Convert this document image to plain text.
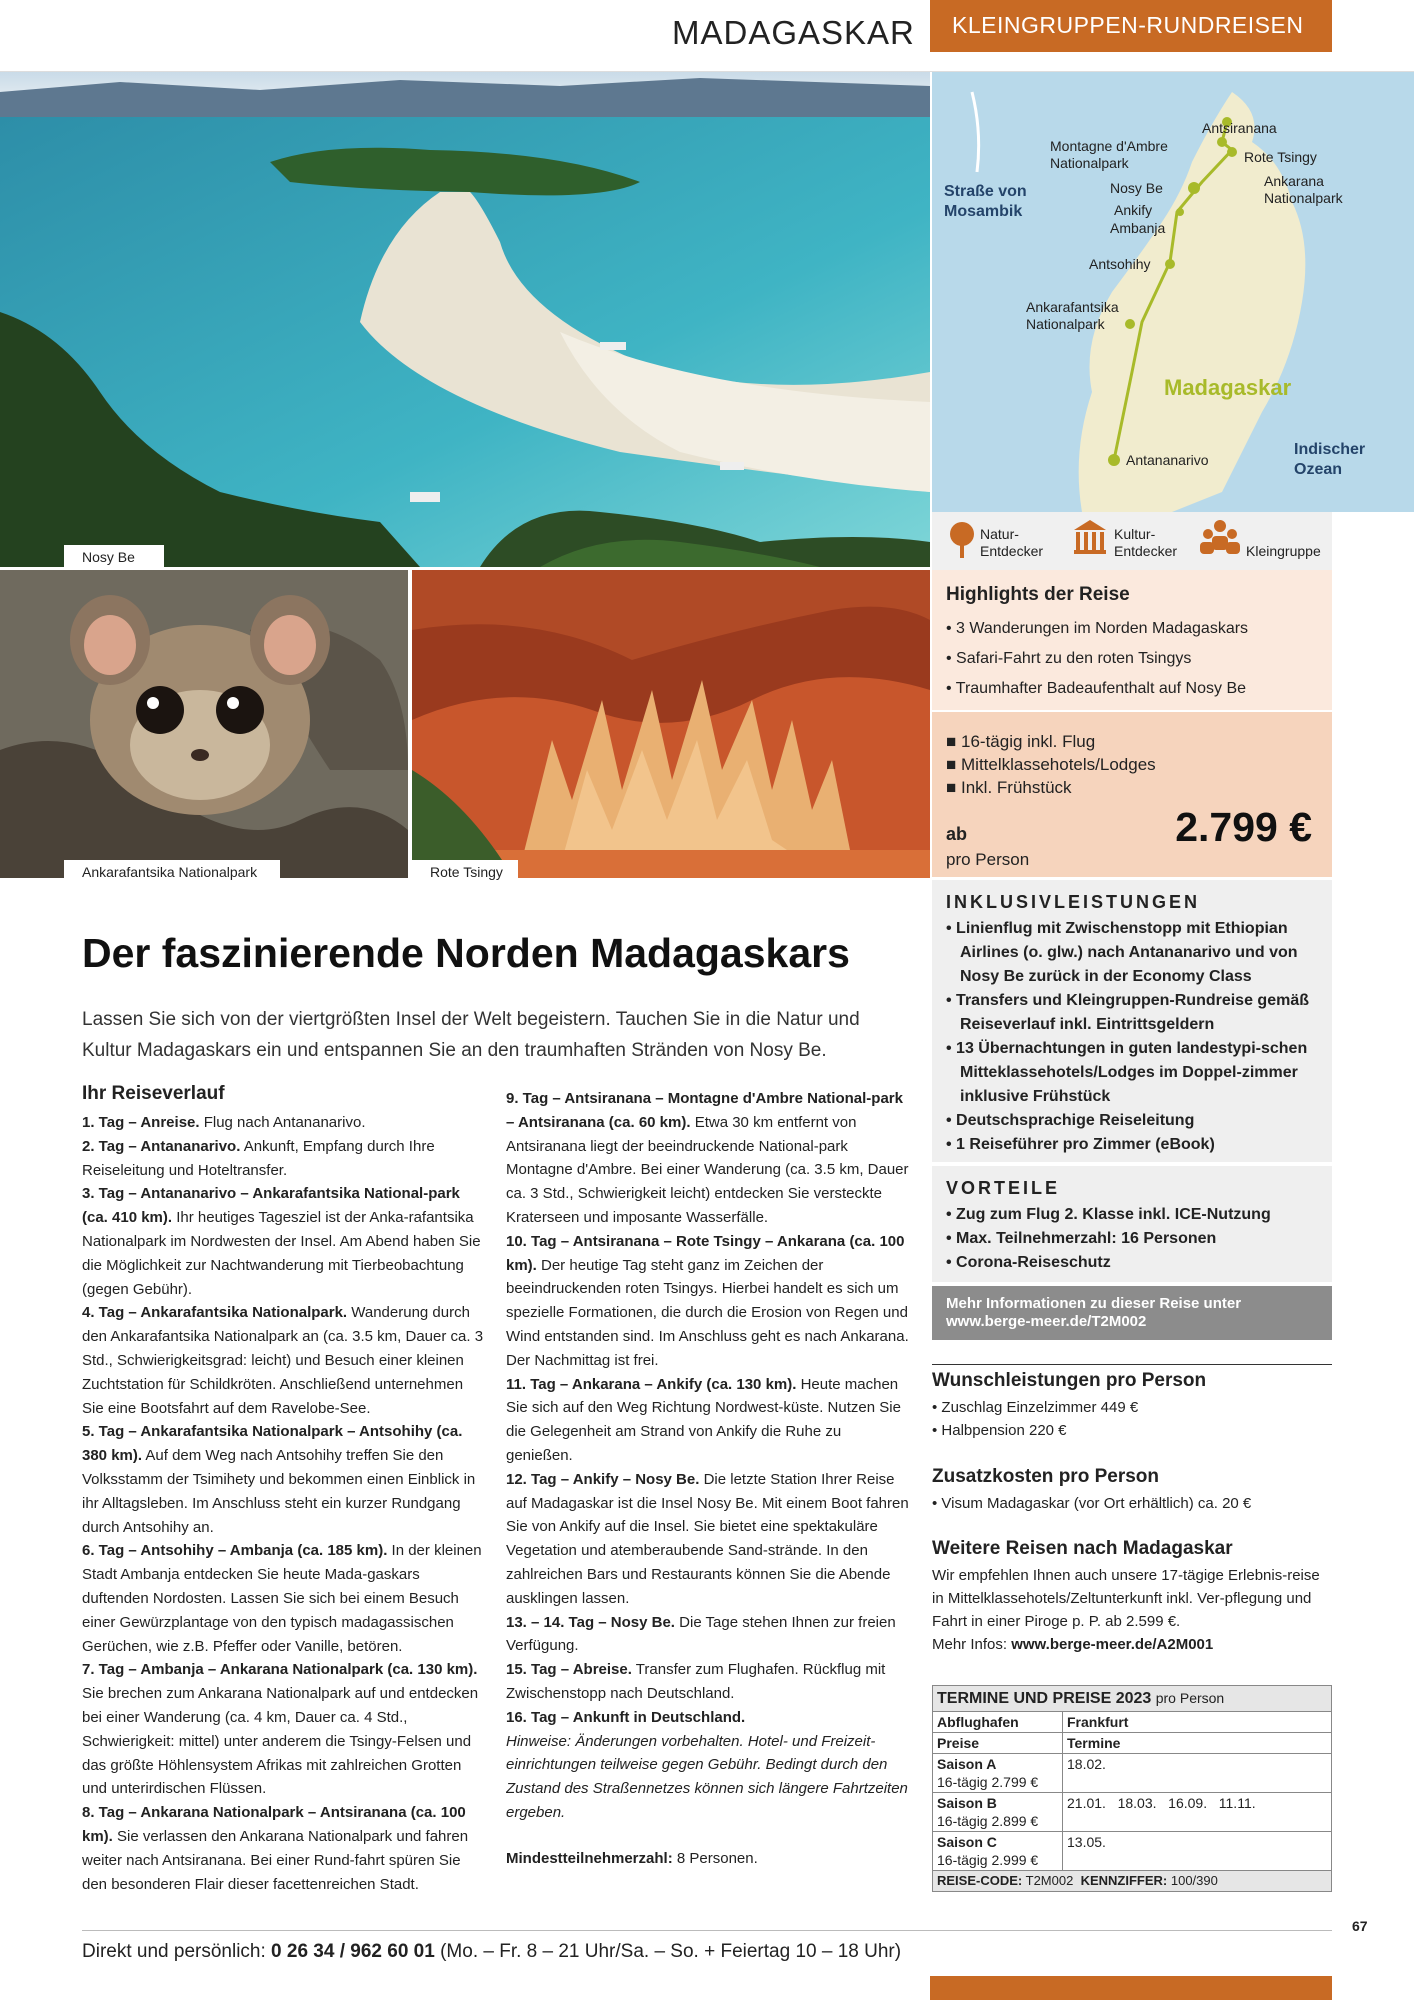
MADAGASKAR	KLEINGRUPPEN-RUNDREISEN
Nosy Be
Ankarafantsika Nationalpark	Rote Tsingy
Straße von
Mosambik
Indischer
Ozean
Madagaskar
Antsiranana
Montagne d'Ambre
Nationalpark	Rote Tsingy
Nosy Be	Ankarana
Nationalpark
Ankify
Ambanja
Antsohihy
Ankarafantsika
Nationalpark
Antananarivo
Natur-
Entdecker
Kultur-
Entdecker	Kleingruppe
Highlights der Reise
• 3 Wanderungen im Norden Madagaskars
• Safari-Fahrt zu den roten Tsingys
• Traumhafter Badeaufenthalt auf Nosy Be
■ 16-tägig inkl. Flug
■ Mittelklassehotels/Lodges
■ Inkl. Frühstück
ab
pro Person
2.799 €
INKLUSIVLEISTUNGEN
• Linienflug mit Zwischenstopp mit Ethiopian Airlines (o. glw.) nach Antananarivo und von Nosy Be zurück in der Economy Class
• Transfers und Kleingruppen-Rundreise gemäß Reiseverlauf inkl. Eintrittsgeldern
• 13 Übernachtungen in guten landestypi-schen Mitteklassehotels/Lodges im Doppel-zimmer inklusive Frühstück
• Deutschsprachige Reiseleitung
• 1 Reiseführer pro Zimmer (eBook)
VORTEILE
• Zug zum Flug 2. Klasse inkl. ICE-Nutzung
• Max. Teilnehmerzahl: 16 Personen
• Corona-Reiseschutz
Mehr Informationen zu dieser Reise unter
www.berge-meer.de/T2M002
Wunschleistungen pro Person
• Zuschlag Einzelzimmer 449 €
• Halbpension 220 €
Zusatzkosten pro Person
• Visum Madagaskar (vor Ort erhältlich) ca. 20 €
Weitere Reisen nach Madagaskar

Wir empfehlen Ihnen auch unsere 17-tägige Erlebnis-reise in Mittelklassehotels/Zeltunterkunft inkl. Ver-pflegung und Fahrt in einer Piroge p. P. ab 2.599 €.

Mehr Infos: www.berge-meer.de/A2M001

TERMINE UND PREISE 2023 pro Person	
Abflughafen	Frankfurt
Preise	Termine
Saison A
16-tägig 2.799 €	18.02.
Saison B
16-tägig 2.899 €	21.01.   18.03.   16.09.   11.11.
Saison C
16-tägig 2.999 €	13.05.
REISE-CODE: T2M002 KENNZIFFER: 100/390	
Der faszinierende Norden Madagaskars
Lassen Sie sich von der viertgrößten Insel der Welt begeistern. Tauchen Sie in die Natur und Kultur Madagaskars ein und entspannen Sie an den traumhaften Stränden von Nosy Be.
Ihr Reiseverlauf

1. Tag – Anreise. Flug nach Antananarivo.

2. Tag – Antananarivo. Ankunft, Empfang durch Ihre Reiseleitung und Hoteltransfer.

3. Tag – Antananarivo – Ankarafantsika National-park (ca. 410 km). Ihr heutiges Tagesziel ist der Anka-rafantsika Nationalpark im Nordwesten der Insel. Am Abend haben Sie die Möglichkeit zur Nachtwanderung mit Tierbeobachtung (gegen Gebühr).

4. Tag – Ankarafantsika Nationalpark. Wanderung durch den Ankarafantsika Nationalpark an (ca. 3.5 km, Dauer ca. 3 Std., Schwierigkeitsgrad: leicht) und Besuch einer kleinen Zuchtstation für Schildkröten. Anschließend unternehmen Sie eine Bootsfahrt auf dem Ravelobe-See.

5. Tag – Ankarafantsika Nationalpark – Antsohihy (ca. 380 km). Auf dem Weg nach Antsohihy treffen Sie den Volksstamm der Tsimihety und bekommen einen Einblick in ihr Alltagsleben. Im Anschluss steht ein kurzer Rundgang durch Antsohihy an.

6. Tag – Antsohihy – Ambanja (ca. 185 km). In der kleinen Stadt Ambanja entdecken Sie heute Mada-gaskars duftenden Nordosten. Lassen Sie sich bei einem Besuch einer Gewürzplantage von den typisch madagassischen Gerüchen, wie z.B. Pfeffer oder Vanille, betören.

7. Tag – Ambanja – Ankarana Nationalpark (ca. 130 km). Sie brechen zum Ankarana Nationalpark auf und entdecken bei einer Wanderung (ca. 4 km, Dauer ca. 4 Std., Schwierigkeit: mittel) unter anderem die Tsingy-Felsen und das größte Höhlensystem Afrikas mit zahlreichen Grotten und unterirdischen Flüssen.

8. Tag – Ankarana Nationalpark – Antsiranana (ca. 100 km). Sie verlassen den Ankarana Nationalpark und fahren weiter nach Antsiranana. Bei einer Rund-fahrt spüren Sie den besonderen Flair dieser facettenreichen Stadt.

9. Tag – Antsiranana – Montagne d'Ambre National-park – Antsiranana (ca. 60 km). Etwa 30 km entfernt von Antsiranana liegt der beeindruckende National-park Montagne d'Ambre. Bei einer Wanderung (ca. 3.5 km, Dauer ca. 3 Std., Schwierigkeit leicht) entdecken Sie versteckte Kraterseen und imposante Wasserfälle.

10. Tag – Antsiranana – Rote Tsingy – Ankarana (ca. 100 km). Der heutige Tag steht ganz im Zeichen der beeindruckenden roten Tsingys. Hierbei handelt es sich um spezielle Formationen, die durch die Erosion von Regen und Wind entstanden sind. Im Anschluss geht es nach Ankarana. Der Nachmittag ist frei.

11. Tag – Ankarana – Ankify (ca. 130 km). Heute machen Sie sich auf den Weg Richtung Nordwest-küste. Nutzen Sie die Gelegenheit am Strand von Ankify die Ruhe zu genießen.

12. Tag – Ankify – Nosy Be. Die letzte Station Ihrer Reise auf Madagaskar ist die Insel Nosy Be. Mit einem Boot fahren Sie von Ankify auf die Insel. Sie bietet eine spektakuläre Vegetation und atemberaubende Sand-strände. In den zahlreichen Bars und Restaurants können Sie die Abende ausklingen lassen.

13. – 14. Tag – Nosy Be. Die Tage stehen Ihnen zur freien Verfügung.

15. Tag – Abreise. Transfer zum Flughafen. Rückflug mit Zwischenstopp nach Deutschland.

16. Tag – Ankunft in Deutschland.

Hinweise: Änderungen vorbehalten. Hotel- und Freizeit-einrichtungen teilweise gegen Gebühr. Bedingt durch den Zustand des Straßennetzes können sich längere Fahrtzeiten ergeben.

Mindestteilnehmerzahl: 8 Personen.

Direkt und persönlich: 0 26 34 / 962 60 01 (Mo. – Fr. 8 – 21 Uhr/Sa. – So. + Feiertag 10 – 18 Uhr)
67
